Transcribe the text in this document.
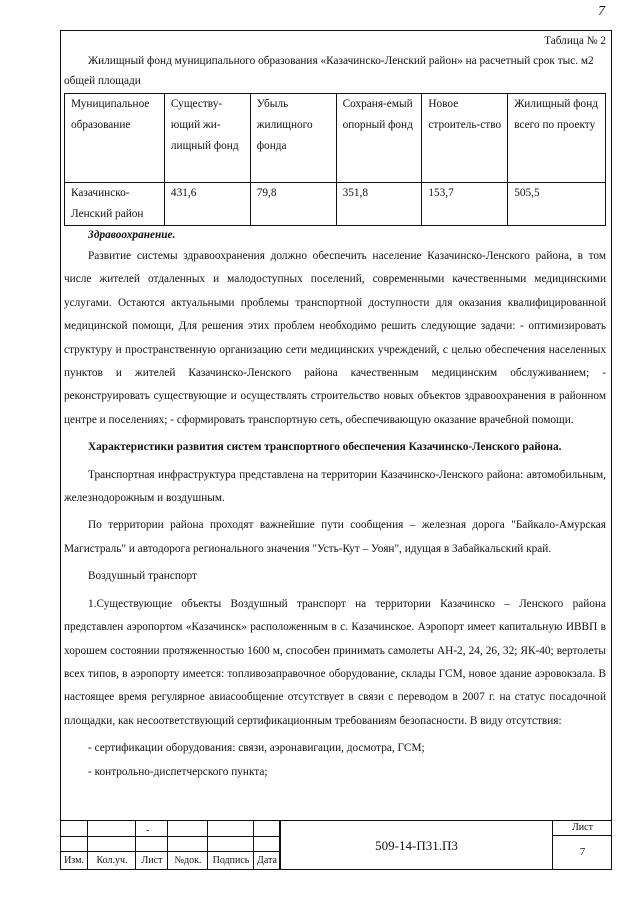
7
Таблица № 2
Жилищный фонд муниципального образования «Казачинско-Ленский район» на расчетный срок тыс. м2 общей площади
Муниципальное образование	Существу-ющий жи-лищный фонд	Убыль жилищного фонда	Сохраня-емый опорный фонд	Новое строитель-ство	Жилищный фонд всего по проекту
Казачинско-Ленский район	431,6	79,8	351,8	153,7	505,5
Здравоохранение.

Развитие системы здравоохранения должно обеспечить население Казачинско-Ленского района, в том числе жителей отдаленных и малодоступных поселений, современными качественными медицинскими услугами. Остаются актуальными проблемы транспортной доступности для оказания квалифицированной медицинской помощи, Для решения этих проблем необходимо решить следующие задачи: - оптимизировать структуру и пространственную организацию сети медицинских учреждений, с целью обеспечения населенных пунктов и жителей Казачинско-Ленского района качественным медицинским обслуживанием; - реконструировать существующие и осуществлять строительство новых объектов здравоохранения в районном центре и поселениях; - сформировать транспортную сеть, обеспечивающую оказание врачебной помощи.

Характеристики развития систем транспортного обеспечения Казачинско-Ленского района.

Транспортная инфраструктура представлена на территории Казачинско-Ленского района: автомобильным, железнодорожным и воздушным.

По территории района проходят важнейшие пути сообщения – железная дорога "Байкало-Амурская Магистраль" и автодорога регионального значения "Усть-Кут – Уоян", идущая в Забайкальский край.

Воздушный транспорт

1.Существующие объекты Воздушный транспорт на территории Казачинско – Ленского района представлен аэропортом «Казачинск» расположенным в с. Казачинское. Аэропорт имеет капитальную ИВВП в хорошем состоянии протяженностью 1600 м, способен принимать самолеты АН-2, 24, 26, 32; ЯК-40; вертолеты всех типов, в аэропорту имеется: топливозаправочное оборудование, склады ГСМ, новое здание аэровокзала. В настоящее время регулярное авиасообщение отсутствует в связи с переводом в 2007 г. на статус посадочной площадки, как несоответствующий сертификационным требованиям безопасности. В виду отсутствия:

- сертификации оборудования: связи, аэронавигации, досмотра, ГСМ;

- контрольно-диспетчерского пункта;

-
Изм.	Кол.уч.	Лист	№док.	Подпись Дата
509-14-П31.П3
Лист
7
